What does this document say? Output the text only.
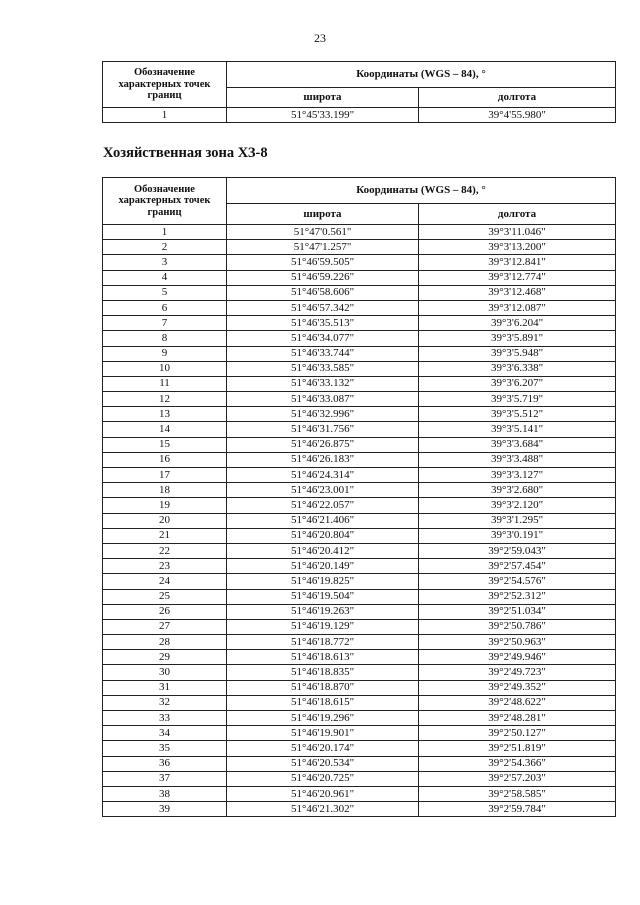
23
Обозначение характерных точек границ	Координаты (WGS – 84), °	
	широта	долгота
1	51°45'33.199"	39°4'55.980"
Хозяйственная зона ХЗ-8
Обозначение характерных точек границ	Координаты (WGS – 84), °	
	широта	долгота
1	51°47'0.561"	39°3'11.046"
2	51°47'1.257"	39°3'13.200"
3	51°46'59.505"	39°3'12.841"
4	51°46'59.226"	39°3'12.774"
5	51°46'58.606"	39°3'12.468"
6	51°46'57.342"	39°3'12.087"
7	51°46'35.513"	39°3'6.204"
8	51°46'34.077"	39°3'5.891"
9	51°46'33.744"	39°3'5.948"
10	51°46'33.585"	39°3'6.338"
11	51°46'33.132"	39°3'6.207"
12	51°46'33.087"	39°3'5.719"
13	51°46'32.996"	39°3'5.512"
14	51°46'31.756"	39°3'5.141"
15	51°46'26.875"	39°3'3.684"
16	51°46'26.183"	39°3'3.488"
17	51°46'24.314"	39°3'3.127"
18	51°46'23.001"	39°3'2.680"
19	51°46'22.057"	39°3'2.120"
20	51°46'21.406"	39°3'1.295"
21	51°46'20.804"	39°3'0.191"
22	51°46'20.412"	39°2'59.043"
23	51°46'20.149"	39°2'57.454"
24	51°46'19.825"	39°2'54.576"
25	51°46'19.504"	39°2'52.312"
26	51°46'19.263"	39°2'51.034"
27	51°46'19.129"	39°2'50.786"
28	51°46'18.772"	39°2'50.963"
29	51°46'18.613"	39°2'49.946"
30	51°46'18.835"	39°2'49.723"
31	51°46'18.870"	39°2'49.352"
32	51°46'18.615"	39°2'48.622"
33	51°46'19.296"	39°2'48.281"
34	51°46'19.901"	39°2'50.127"
35	51°46'20.174"	39°2'51.819"
36	51°46'20.534"	39°2'54.366"
37	51°46'20.725"	39°2'57.203"
38	51°46'20.961"	39°2'58.585"
39	51°46'21.302"	39°2'59.784"
